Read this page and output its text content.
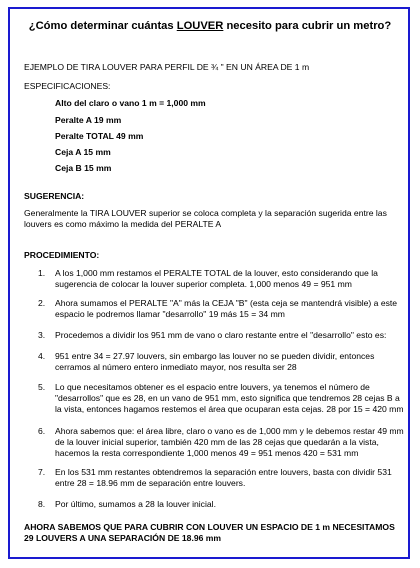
¿Cómo determinar cuántas LOUVER necesito para cubrir un metro?
EJEMPLO DE TIRA LOUVER PARA PERFIL DE ¾ " EN UN ÁREA DE 1 m
ESPECIFICACIONES:
Alto del claro o vano 1 m = 1,000 mm
Peralte A 19 mm
Peralte TOTAL 49 mm
Ceja A 15 mm
Ceja B 15 mm
SUGERENCIA:
Generalmente la TIRA LOUVER superior se coloca completa y la separación sugerida entre las louvers es como máximo la medida del PERALTE A
PROCEDIMIENTO:
1. A los 1,000 mm restamos el PERALTE TOTAL de la louver, esto considerando que la sugerencia de colocar la louver superior completa. 1,000 menos 49 = 951 mm
2. Ahora sumamos el PERALTE "A" más la CEJA "B" (esta ceja se mantendrá visible) a este espacio le podremos llamar "desarrollo" 19 más 15 = 34 mm
3. Procedemos a dividir los 951 mm de vano o claro restante entre el "desarrollo" esto es:
4. 951 entre 34 = 27.97 louvers, sin embargo las louver no se pueden dividir, entonces cerramos al número entero inmediato mayor, nos resulta ser 28
5. Lo que necesitamos obtener es el espacio entre louvers, ya tenemos el número de "desarrollos" que es 28, en un vano de 951 mm, esto significa que tendremos 28 cejas B a la vista, entonces hagamos restemos el área que ocuparan esta cejas. 28 por 15 = 420 mm
6. Ahora sabemos que: el área libre, claro o vano es de 1,000 mm y le debemos restar 49 mm de la louver inicial superior, también 420 mm de las 28 cejas que quedarán a la vista, hacemos la resta correspondiente 1,000 menos 49 = 951 menos 420 = 531 mm
7. En los 531 mm restantes obtendremos la separación entre louvers, basta con dividir 531 entre 28 = 18.96 mm de separación entre louvers.
8. Por último, sumamos a 28 la louver inicial.
AHORA SABEMOS QUE PARA CUBRIR CON LOUVER UN ESPACIO DE 1 m NECESITAMOS 29 LOUVERS A UNA SEPARACIÓN DE 18.96 mm
